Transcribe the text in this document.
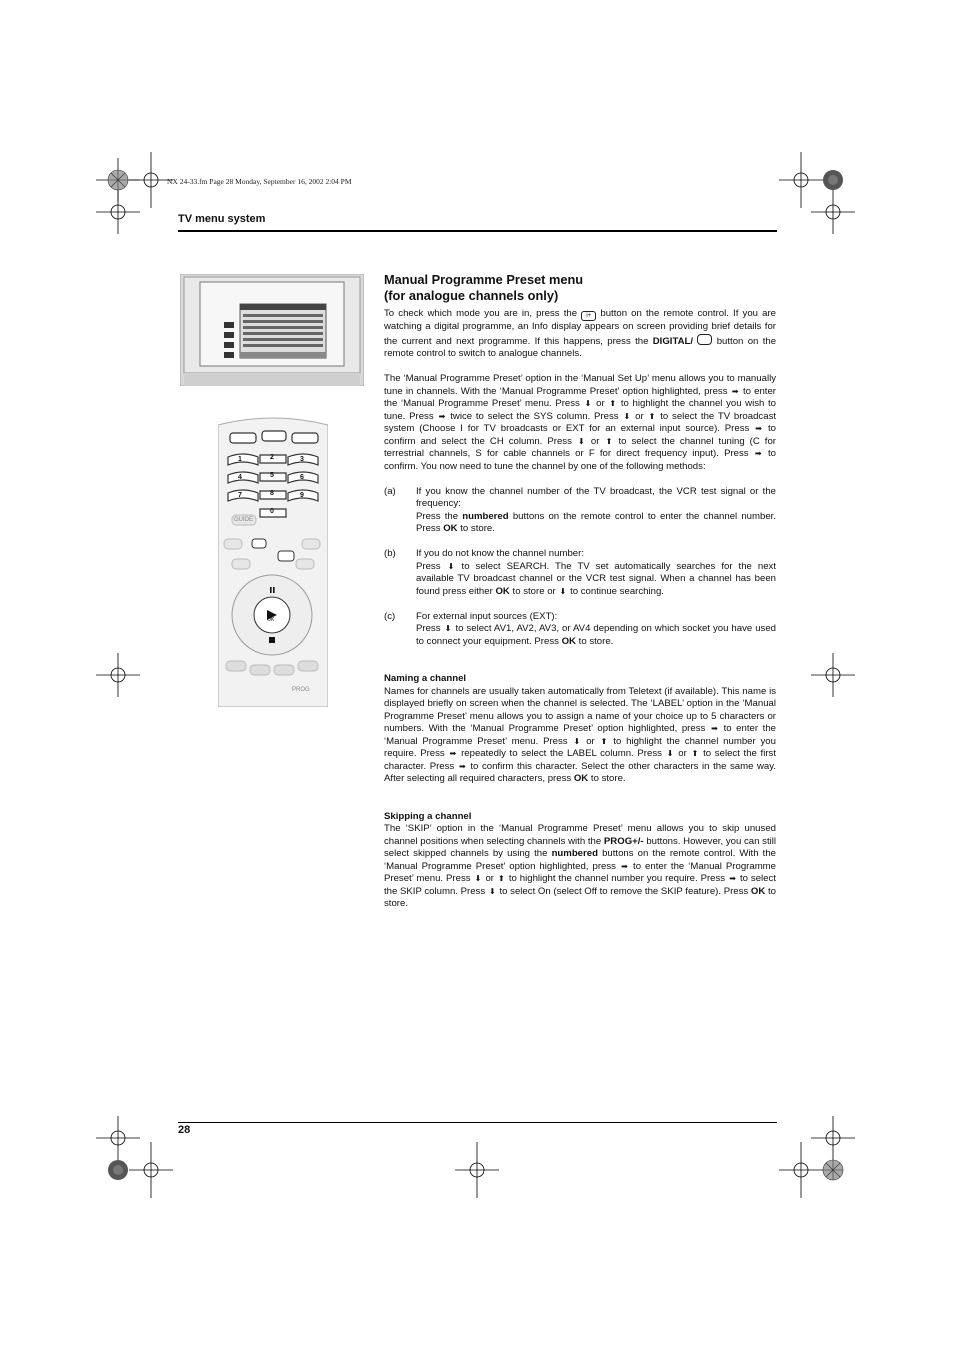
NX 24-33.fm Page 28 Monday, September 16, 2002 2:04 PM
TV menu system
1	2	3
4	5	6
7	8	9
0
GUIDE
OK
PROG
Manual Programme Preset menu
(for analogue channels only)

To check which mode you are in, press the i+ button on the remote control. If you are watching a digital programme, an Info display appears on screen providing brief details for the current and next programme. If this happens, press the DIGITAL/ button on the remote control to switch to analogue channels.

The ‘Manual Programme Preset’ option in the ‘Manual Set Up’ menu allows you to manually tune in channels. With the ‘Manual Programme Preset’ option highlighted, press ➡ to enter the ‘Manual Programme Preset’ menu. Press ⬇ or ⬆ to highlight the channel you wish to tune. Press ➡ twice to select the SYS column. Press ⬇ or ⬆ to select the TV broadcast system (Choose I for TV broadcasts or EXT for an external input source). Press ➡ to confirm and select the CH column. Press ⬇ or ⬆ to select the channel tuning (C for terrestrial channels, S for cable channels or F for direct frequency input). Press ➡ to confirm. You now need to tune the channel by one of the following methods:

(a)	If you know the channel number of the TV broadcast, the VCR test signal or the frequency:

Press the numbered buttons on the remote control to enter the channel number. Press OK to store.

(b)	If you do not know the channel number:

Press ⬇ to select SEARCH. The TV set automatically searches for the next available TV broadcast channel or the VCR test signal. When a channel has been found press either OK to store or ⬇ to continue searching.

(c)	For external input sources (EXT):

Press ⬇ to select AV1, AV2, AV3, or AV4 depending on which socket you have used to connect your equipment. Press OK to store.

Naming a channel

Names for channels are usually taken automatically from Teletext (if available). This name is displayed briefly on screen when the channel is selected. The ‘LABEL’ option in the ‘Manual Programme Preset’ menu allows you to assign a name of your choice up to 5 characters or numbers. With the ‘Manual Programme Preset’ option highlighted, press ➡ to enter the ‘Manual Programme Preset’ menu. Press ⬇ or ⬆ to highlight the channel number you require. Press ➡ repeatedly to select the LABEL column. Press ⬇ or ⬆ to select the first character. Press ➡ to confirm this character. Select the other characters in the same way. After selecting all required characters, press OK to store.

Skipping a channel

The ‘SKIP’ option in the ‘Manual Programme Preset’ menu allows you to skip unused channel positions when selecting channels with the PROG+/- buttons. However, you can still select skipped channels by using the numbered buttons on the remote control. With the ‘Manual Programme Preset’ option highlighted, press ➡ to enter the ‘Manual Programme Preset’ menu. Press ⬇ or ⬆ to highlight the channel number you require. Press ➡ to select the SKIP column. Press ⬇ to select On (select Off to remove the SKIP feature). Press OK to store.

28
